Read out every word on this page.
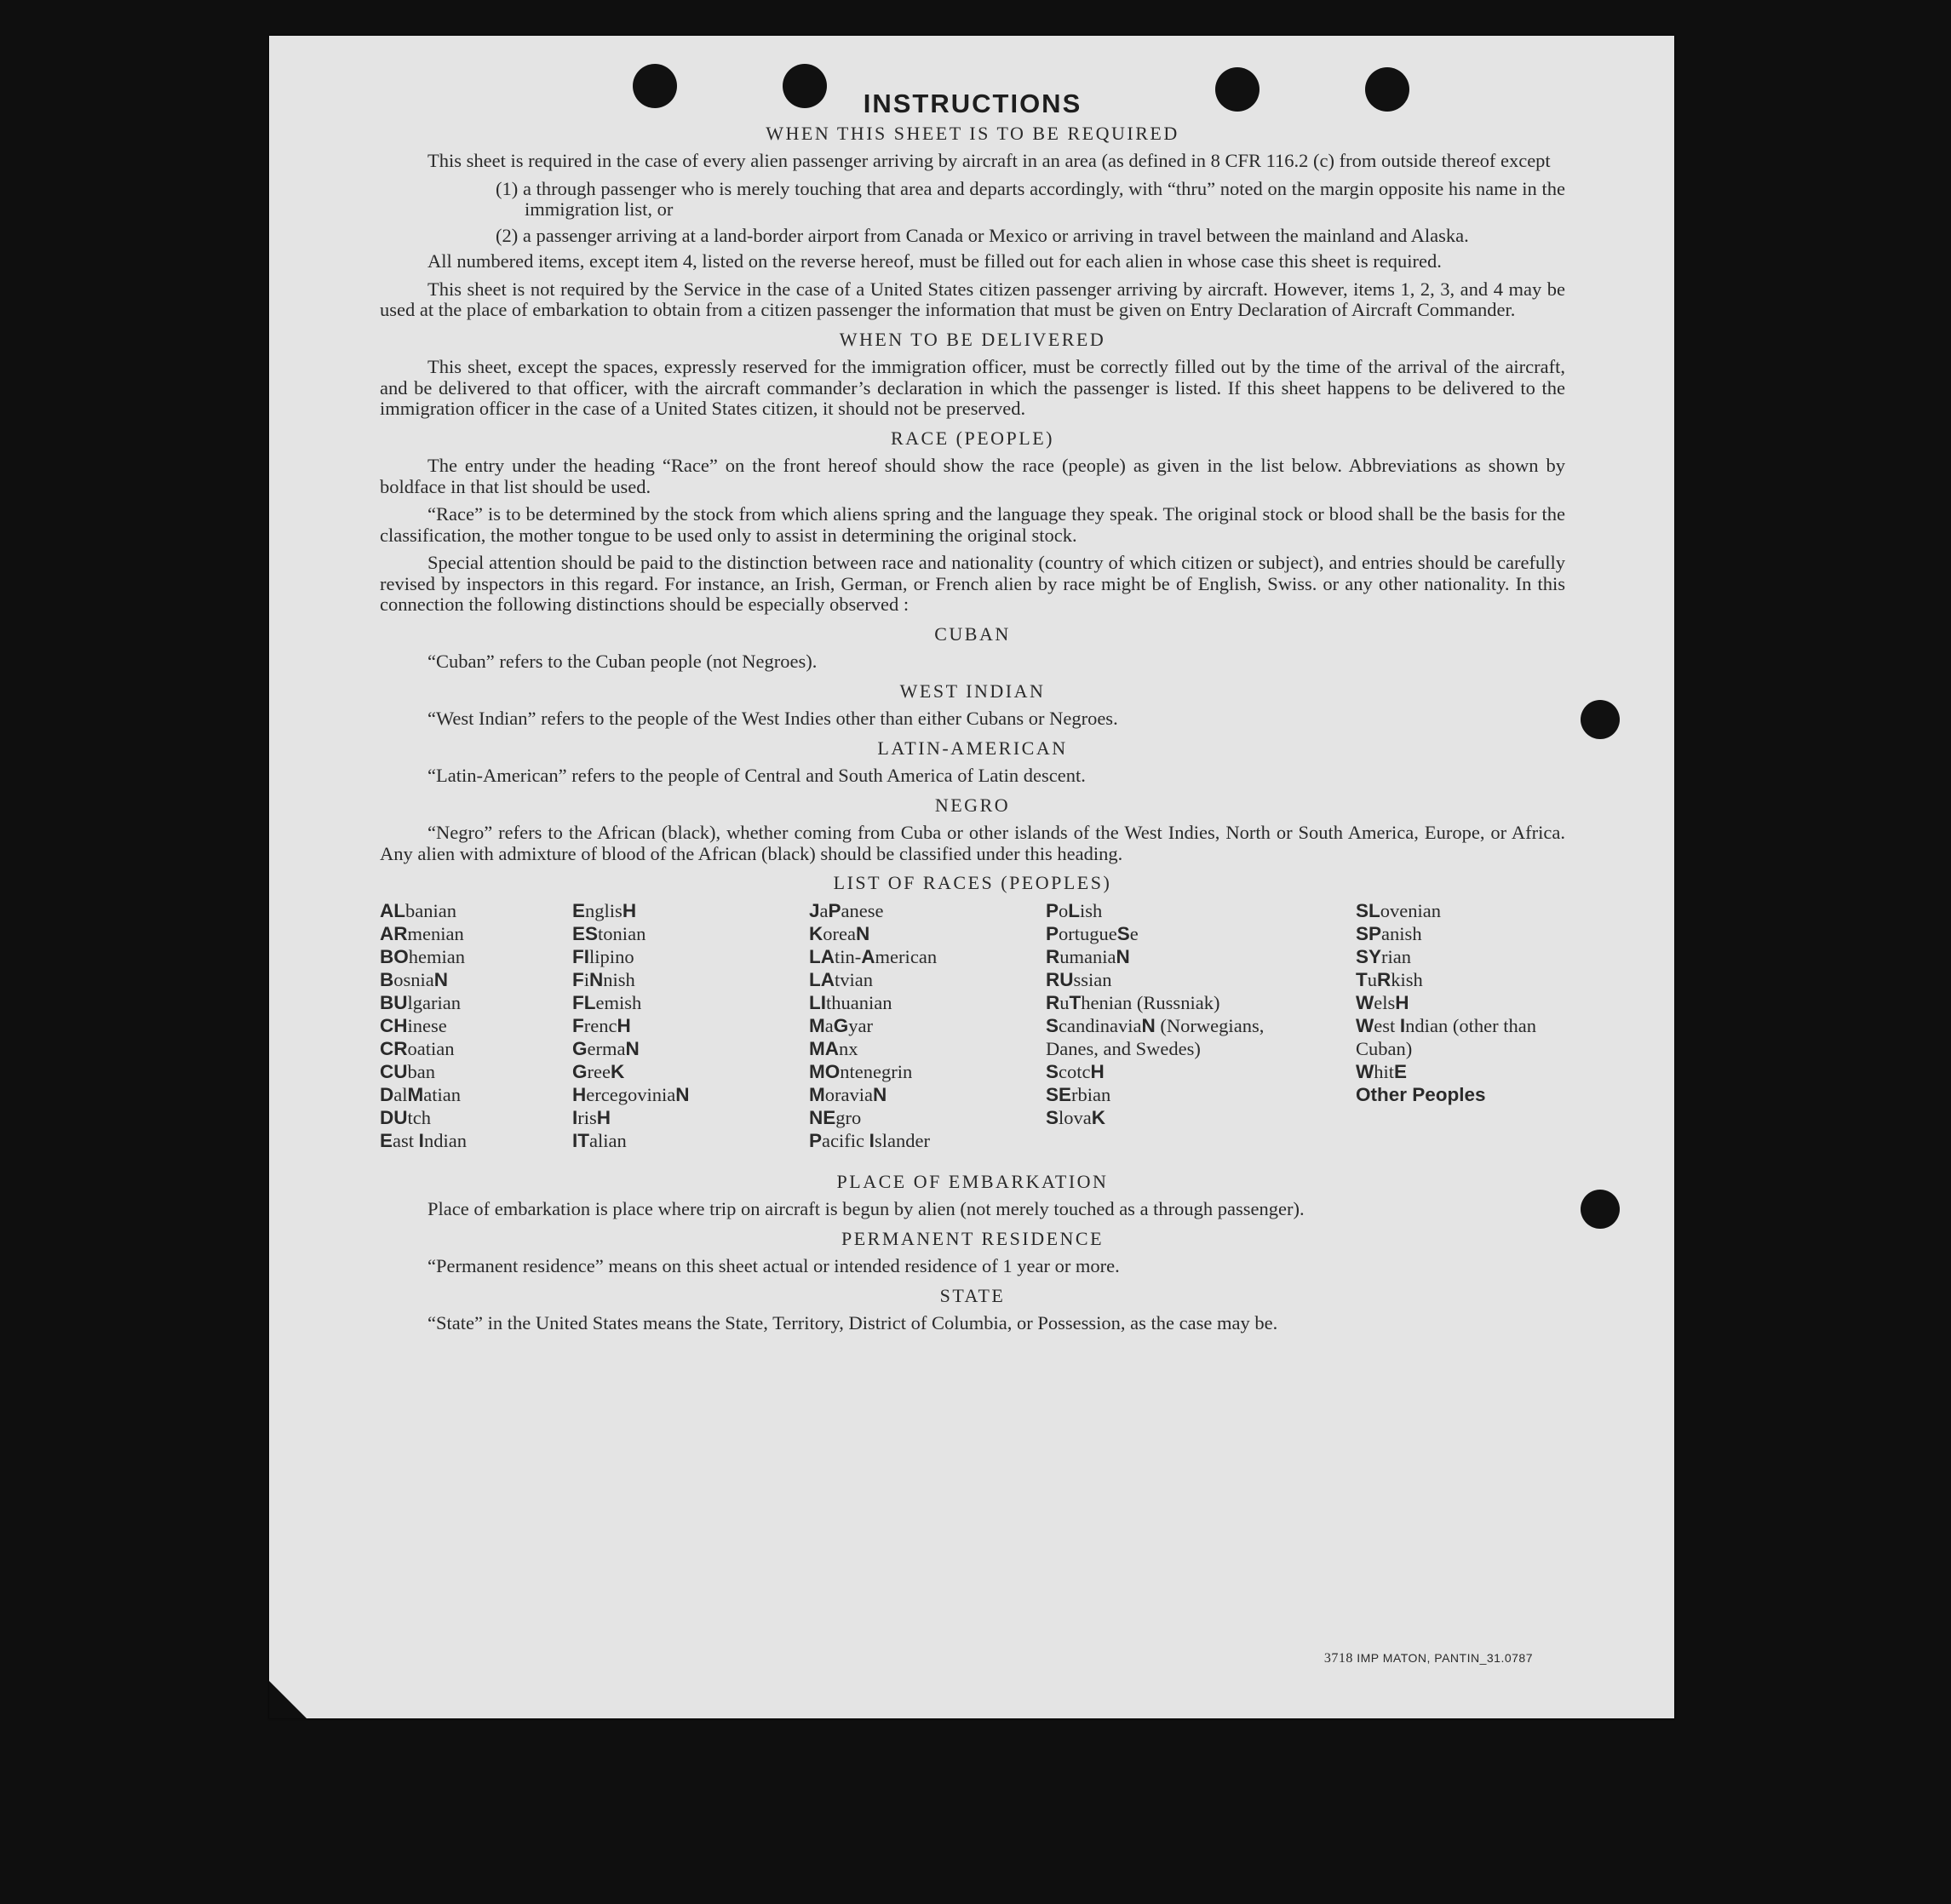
INSTRUCTIONS
WHEN THIS SHEET IS TO BE REQUIRED

This sheet is required in the case of every alien passenger arriving by aircraft in an area (as defined in 8 CFR 116.2 (c) from outside thereof except

(1) a through passenger who is merely touching that area and departs accordingly, with “thru” noted on the margin opposite his name in the immigration list, or
(2) a passenger arriving at a land-border airport from Canada or Mexico or arriving in travel between the mainland and Alaska.

All numbered items, except item 4, listed on the reverse hereof, must be filled out for each alien in whose case this sheet is required.

This sheet is not required by the Service in the case of a United States citizen passenger arriving by aircraft. However, items 1, 2, 3, and 4 may be used at the place of embarkation to obtain from a citizen passenger the information that must be given on Entry Declaration of Aircraft Commander.

WHEN TO BE DELIVERED

This sheet, except the spaces, expressly reserved for the immigration officer, must be correctly filled out by the time of the arrival of the aircraft, and be delivered to that officer, with the aircraft commander’s declaration in which the passenger is listed. If this sheet happens to be delivered to the immigration officer in the case of a United States citizen, it should not be preserved.

RACE (PEOPLE)

The entry under the heading “Race” on the front hereof should show the race (people) as given in the list below. Abbreviations as shown by boldface in that list should be used.

“Race” is to be determined by the stock from which aliens spring and the language they speak. The original stock or blood shall be the basis for the classification, the mother tongue to be used only to assist in determining the original stock.

Special attention should be paid to the distinction between race and nationality (country of which citizen or subject), and entries should be carefully revised by inspectors in this regard. For instance, an Irish, German, or French alien by race might be of English, Swiss. or any other nationality. In this connection the following distinctions should be especially observed :

CUBAN

“Cuban” refers to the Cuban people (not Negroes).

WEST INDIAN

“West Indian” refers to the people of the West Indies other than either Cubans or Negroes.

LATIN-AMERICAN

“Latin-American” refers to the people of Central and South America of Latin descent.

NEGRO

“Negro” refers to the African (black), whether coming from Cuba or other islands of the West Indies, North or South America, Europe, or Africa. Any alien with admixture of blood of the African (black) should be classified under this heading.

LIST OF RACES (PEOPLES)
ALbanian
ARmenian
BOhemian
BosniaN
BUlgarian
CHinese
CRoatian
CUban
DalMatian
DUtch
East Indian
EnglisH
EStonian
FIlipino
FiNnish
FLemish
FrencH
GermaN
GreeK
HercegoviniaN
IrisH
ITalian
JaPanese
KoreaN
LAtin-American
LAtvian
LIthuanian
MaGyar
MAnx
MOntenegrin
MoraviaN
NEgro
Pacific Islander
PoLish
PortugueSe
RumaniaN
RUssian
RuThenian (Russniak)
ScandinaviaN (Norwegians, Danes, and Swedes)
ScotcH
SErbian
SlovaK
SLovenian
SPanish
SYrian
TuRkish
WelsH
West Indian (other than Cuban)
WhitE
Other Peoples
PLACE OF EMBARKATION

Place of embarkation is place where trip on aircraft is begun by alien (not merely touched as a through passenger).

PERMANENT RESIDENCE

“Permanent residence” means on this sheet actual or intended residence of 1 year or more.

STATE

“State” in the United States means the State, Territory, District of Columbia, or Possession, as the case may be.

3718 IMP MATON, PANTIN_31.0787
